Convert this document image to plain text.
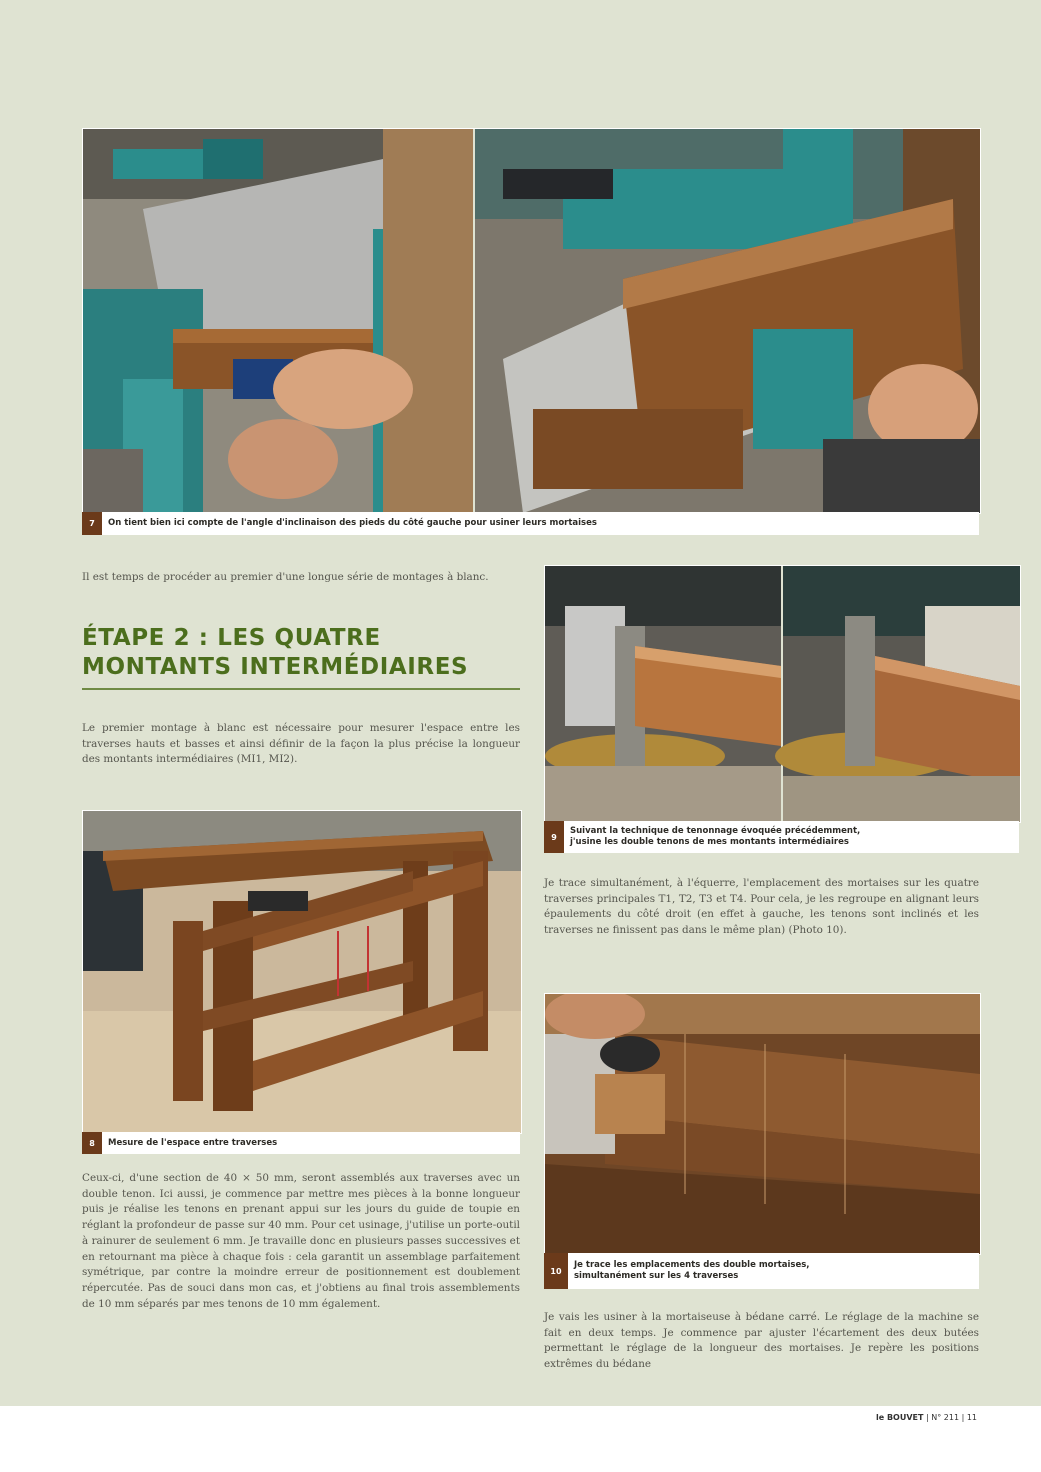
7	On tient bien ici compte de l'angle d'inclinaison des pieds du côté gauche pour usiner leurs mortaises

Il est temps de procéder au premier d'une longue série de montages à blanc.

ÉTAPE 2 : LES QUATRE
MONTANTS INTERMÉDIAIRES

Le premier montage à blanc est nécessaire pour mesurer l'espace entre les traverses hauts et basses et ainsi définir de la façon la plus précise la longueur des montants intermédiaires (MI1, MI2).

8	Mesure de l'espace entre traverses

Ceux-ci, d'une section de 40 × 50 mm, seront assemblés aux traverses avec un double tenon. Ici aussi, je commence par mettre mes pièces à la bonne longueur puis je réalise les tenons en prenant appui sur les jours du guide de toupie en réglant la profondeur de passe sur 40 mm. Pour cet usinage, j'utilise un porte-outil à rainurer de seulement 6 mm. Je travaille donc en plusieurs passes successives et en retournant ma pièce à chaque fois : cela garantit un assemblage parfaitement symétrique, par contre la moindre erreur de positionnement est doublement répercutée. Pas de souci dans mon cas, et j'obtiens au final trois assemblements de 10 mm séparés par mes tenons de 10 mm également.

9
Suivant la technique de tenonnage évoquée précédemment,
j'usine les double tenons de mes montants intermédiaires

Je trace simultanément, à l'équerre, l'emplacement des mortaises sur les quatre traverses principales T1, T2, T3 et T4. Pour cela, je les regroupe en alignant leurs épaulements du côté droit (en effet à gauche, les tenons sont inclinés et les traverses ne finissent pas dans le même plan) (Photo 10).

10
Je trace les emplacements des double mortaises,
simultanément sur les 4 traverses

Je vais les usiner à la mortaiseuse à bédane carré. Le réglage de la machine se fait en deux temps. Je commence par ajuster l'écartement des deux butées permettant le réglage de la longueur des mortaises. Je repère les positions extrêmes du bédane

le BOUVET | N° 211 | 11
